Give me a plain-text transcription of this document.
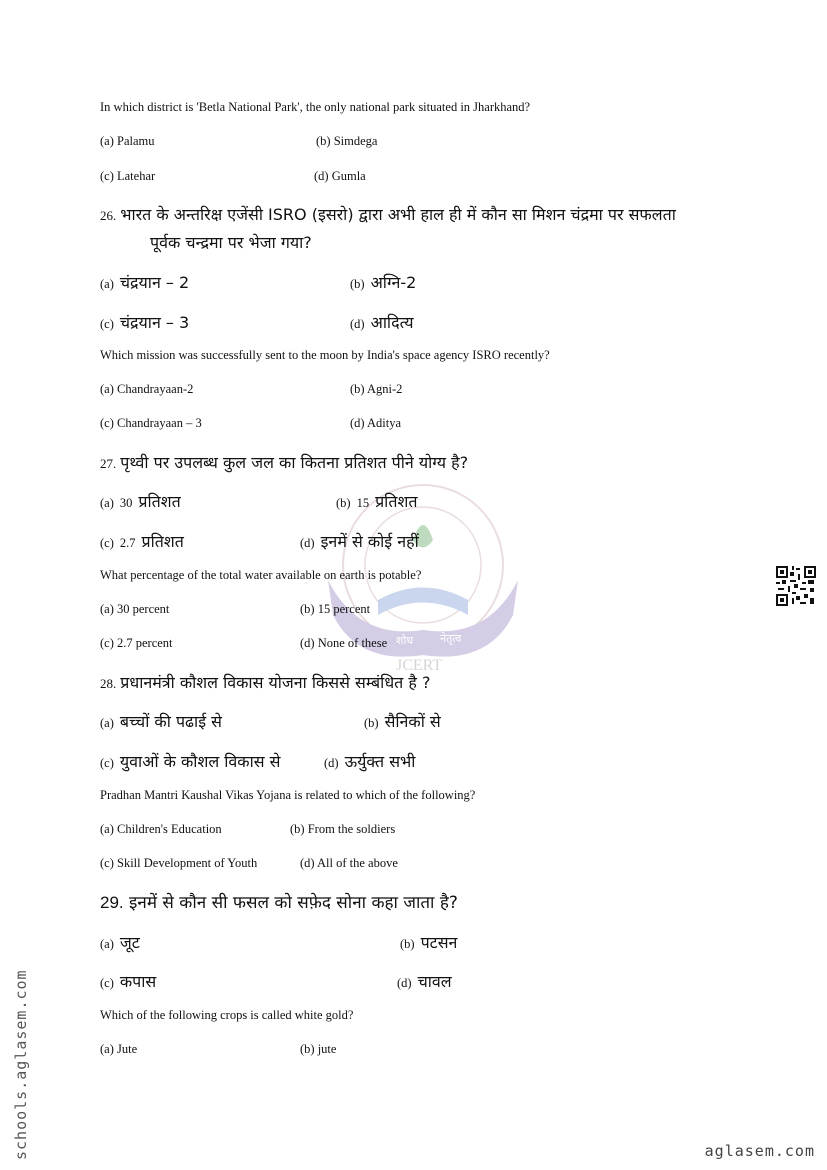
शोध नेतृत्व
JCERT
In which district is 'Betla National Park', the only national park situated in Jharkhand?
(a) Palamu	(b) Simdega
(c) Latehar	(d) Gumla
26. भारत के अन्तरिक्ष एजेंसी ISRO (इसरो) द्वारा अभी हाल ही में कौन सा मिशन चंद्रमा पर सफलता
पूर्वक चन्द्रमा पर भेजा गया?
(a) चंद्रयान – 2	(b) अग्नि-2
(c) चंद्रयान – 3	(d) आदित्य
Which mission was successfully sent to the moon by India's space agency ISRO recently?
(a) Chandrayaan-2	(b) Agni-2
(c) Chandrayaan – 3	(d) Aditya
27. पृथ्वी पर उपलब्ध कुल जल का कितना प्रतिशत पीने योग्य है?
(a) 30 प्रतिशत	(b) 15 प्रतिशत
(c) 2.7 प्रतिशत	(d) इनमें से कोई नहीं
What percentage of the total water available on earth is potable?
(a) 30 percent	(b) 15 percent
(c) 2.7 percent	(d) None of these
28. प्रधानमंत्री कौशल विकास योजना किससे सम्बंधित है ?
(a) बच्चों की पढाई से	(b) सैनिकों से
(c) युवाओं के कौशल विकास से	(d) ऊर्युक्त सभी
Pradhan Mantri Kaushal Vikas Yojana is related to which of the following?
(a) Children's Education	(b) From the soldiers
(c) Skill Development of Youth	(d) All of the above
29. इनमें से कौन सी फसल को सफ़ेद सोना कहा जाता है?
(a) जूट	(b) पटसन
(c) कपास	(d) चावल
Which of the following crops is called white gold?
(a) Jute	(b) jute
schools.aglasem.com	aglasem.com
